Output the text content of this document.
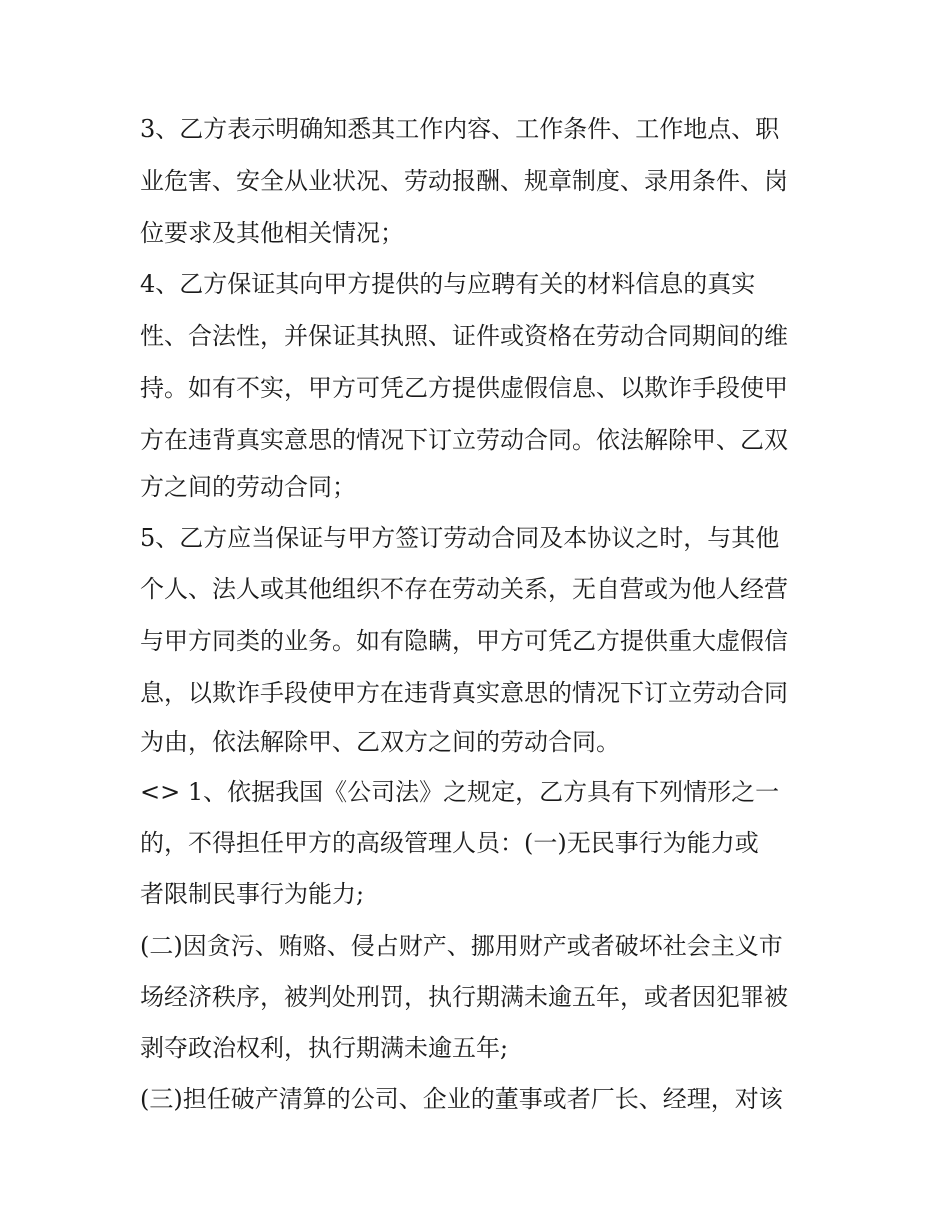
3、乙方表示明确知悉其工作内容、工作条件、工作地点、职
业危害、安全从业状况、劳动报酬、规章制度、录用条件、岗
位要求及其他相关情况；
4、乙方保证其向甲方提供的与应聘有关的材料信息的真实
性、合法性，并保证其执照、证件或资格在劳动合同期间的维
持。如有不实，甲方可凭乙方提供虚假信息、以欺诈手段使甲
方在违背真实意思的情况下订立劳动合同。依法解除甲、乙双
方之间的劳动合同；
5、乙方应当保证与甲方签订劳动合同及本协议之时，与其他
个人、法人或其他组织不存在劳动关系，无自营或为他人经营
与甲方同类的业务。如有隐瞒，甲方可凭乙方提供重大虚假信
息，以欺诈手段使甲方在违背真实意思的情况下订立劳动合同
为由，依法解除甲、乙双方之间的劳动合同。
<> 1、依据我国《公司法》之规定，乙方具有下列情形之一
的，不得担任甲方的高级管理人员：(一)无民事行为能力或
者限制民事行为能力;
(二)因贪污、贿赂、侵占财产、挪用财产或者破坏社会主义市
场经济秩序，被判处刑罚，执行期满未逾五年，或者因犯罪被
剥夺政治权利，执行期满未逾五年;
(三)担任破产清算的公司、企业的董事或者厂长、经理，对该
